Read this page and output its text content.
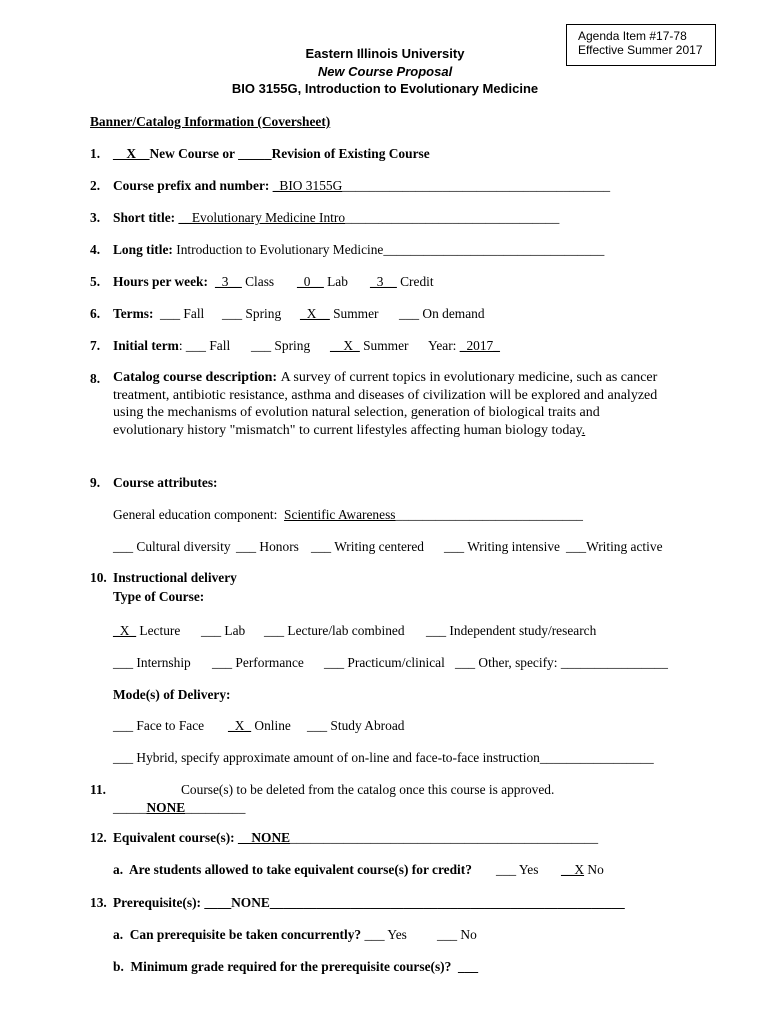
Agenda Item #17-78
Effective Summer 2017
Eastern Illinois University
New Course Proposal
BIO 3155G, Introduction to Evolutionary Medicine
Banner/Catalog Information (Coversheet)
1. __X__New Course or _____Revision of Existing Course
2. Course prefix and number: _BIO 3155G________________________________________
3. Short title: __Evolutionary Medicine Intro________________________________
4. Long title: Introduction to Evolutionary Medicine_________________________________
5. Hours per week: _3__ Class _0__ Lab _3__ Credit
6. Terms: ___ Fall ___ Spring _X__ Summer ___ On demand
7. Initial term: ___ Fall ___ Spring __X_ Summer Year: _2017_
8. Catalog course description: A survey of current topics in evolutionary medicine, such as cancer treatment, antibiotic resistance, asthma and diseases of civilization will be explored and analyzed using the mechanisms of evolution natural selection, generation of biological traits and evolutionary history "mismatch" to current lifestyles affecting human biology today.
9. Course attributes:
General education component:  Scientific Awareness____________________________
___ Cultural diversity ___ Honors ___ Writing centered ___ Writing intensive ___Writing active
10. Instructional delivery
Type of Course:
_X_ Lecture ___ Lab ___ Lecture/lab combined ___ Independent study/research
___ Internship ___ Performance ___ Practicum/clinical ___ Other, specify: ________________
Mode(s) of Delivery:
___ Face to Face _X_ Online ___ Study Abroad
___ Hybrid, specify approximate amount of on-line and face-to-face instruction_________________
11.	Course(s) to be deleted from the catalog once this course is approved.
_____NONE_________
12. Equivalent course(s): __NONE______________________________________________
a.  Are students allowed to take equivalent course(s) for credit? ___ Yes __X No
13. Prerequisite(s): ____NONE_____________________________________________________
a.  Can prerequisite be taken concurrently? ___ Yes ___ No
b.  Minimum grade required for the prerequisite course(s)?  ___
